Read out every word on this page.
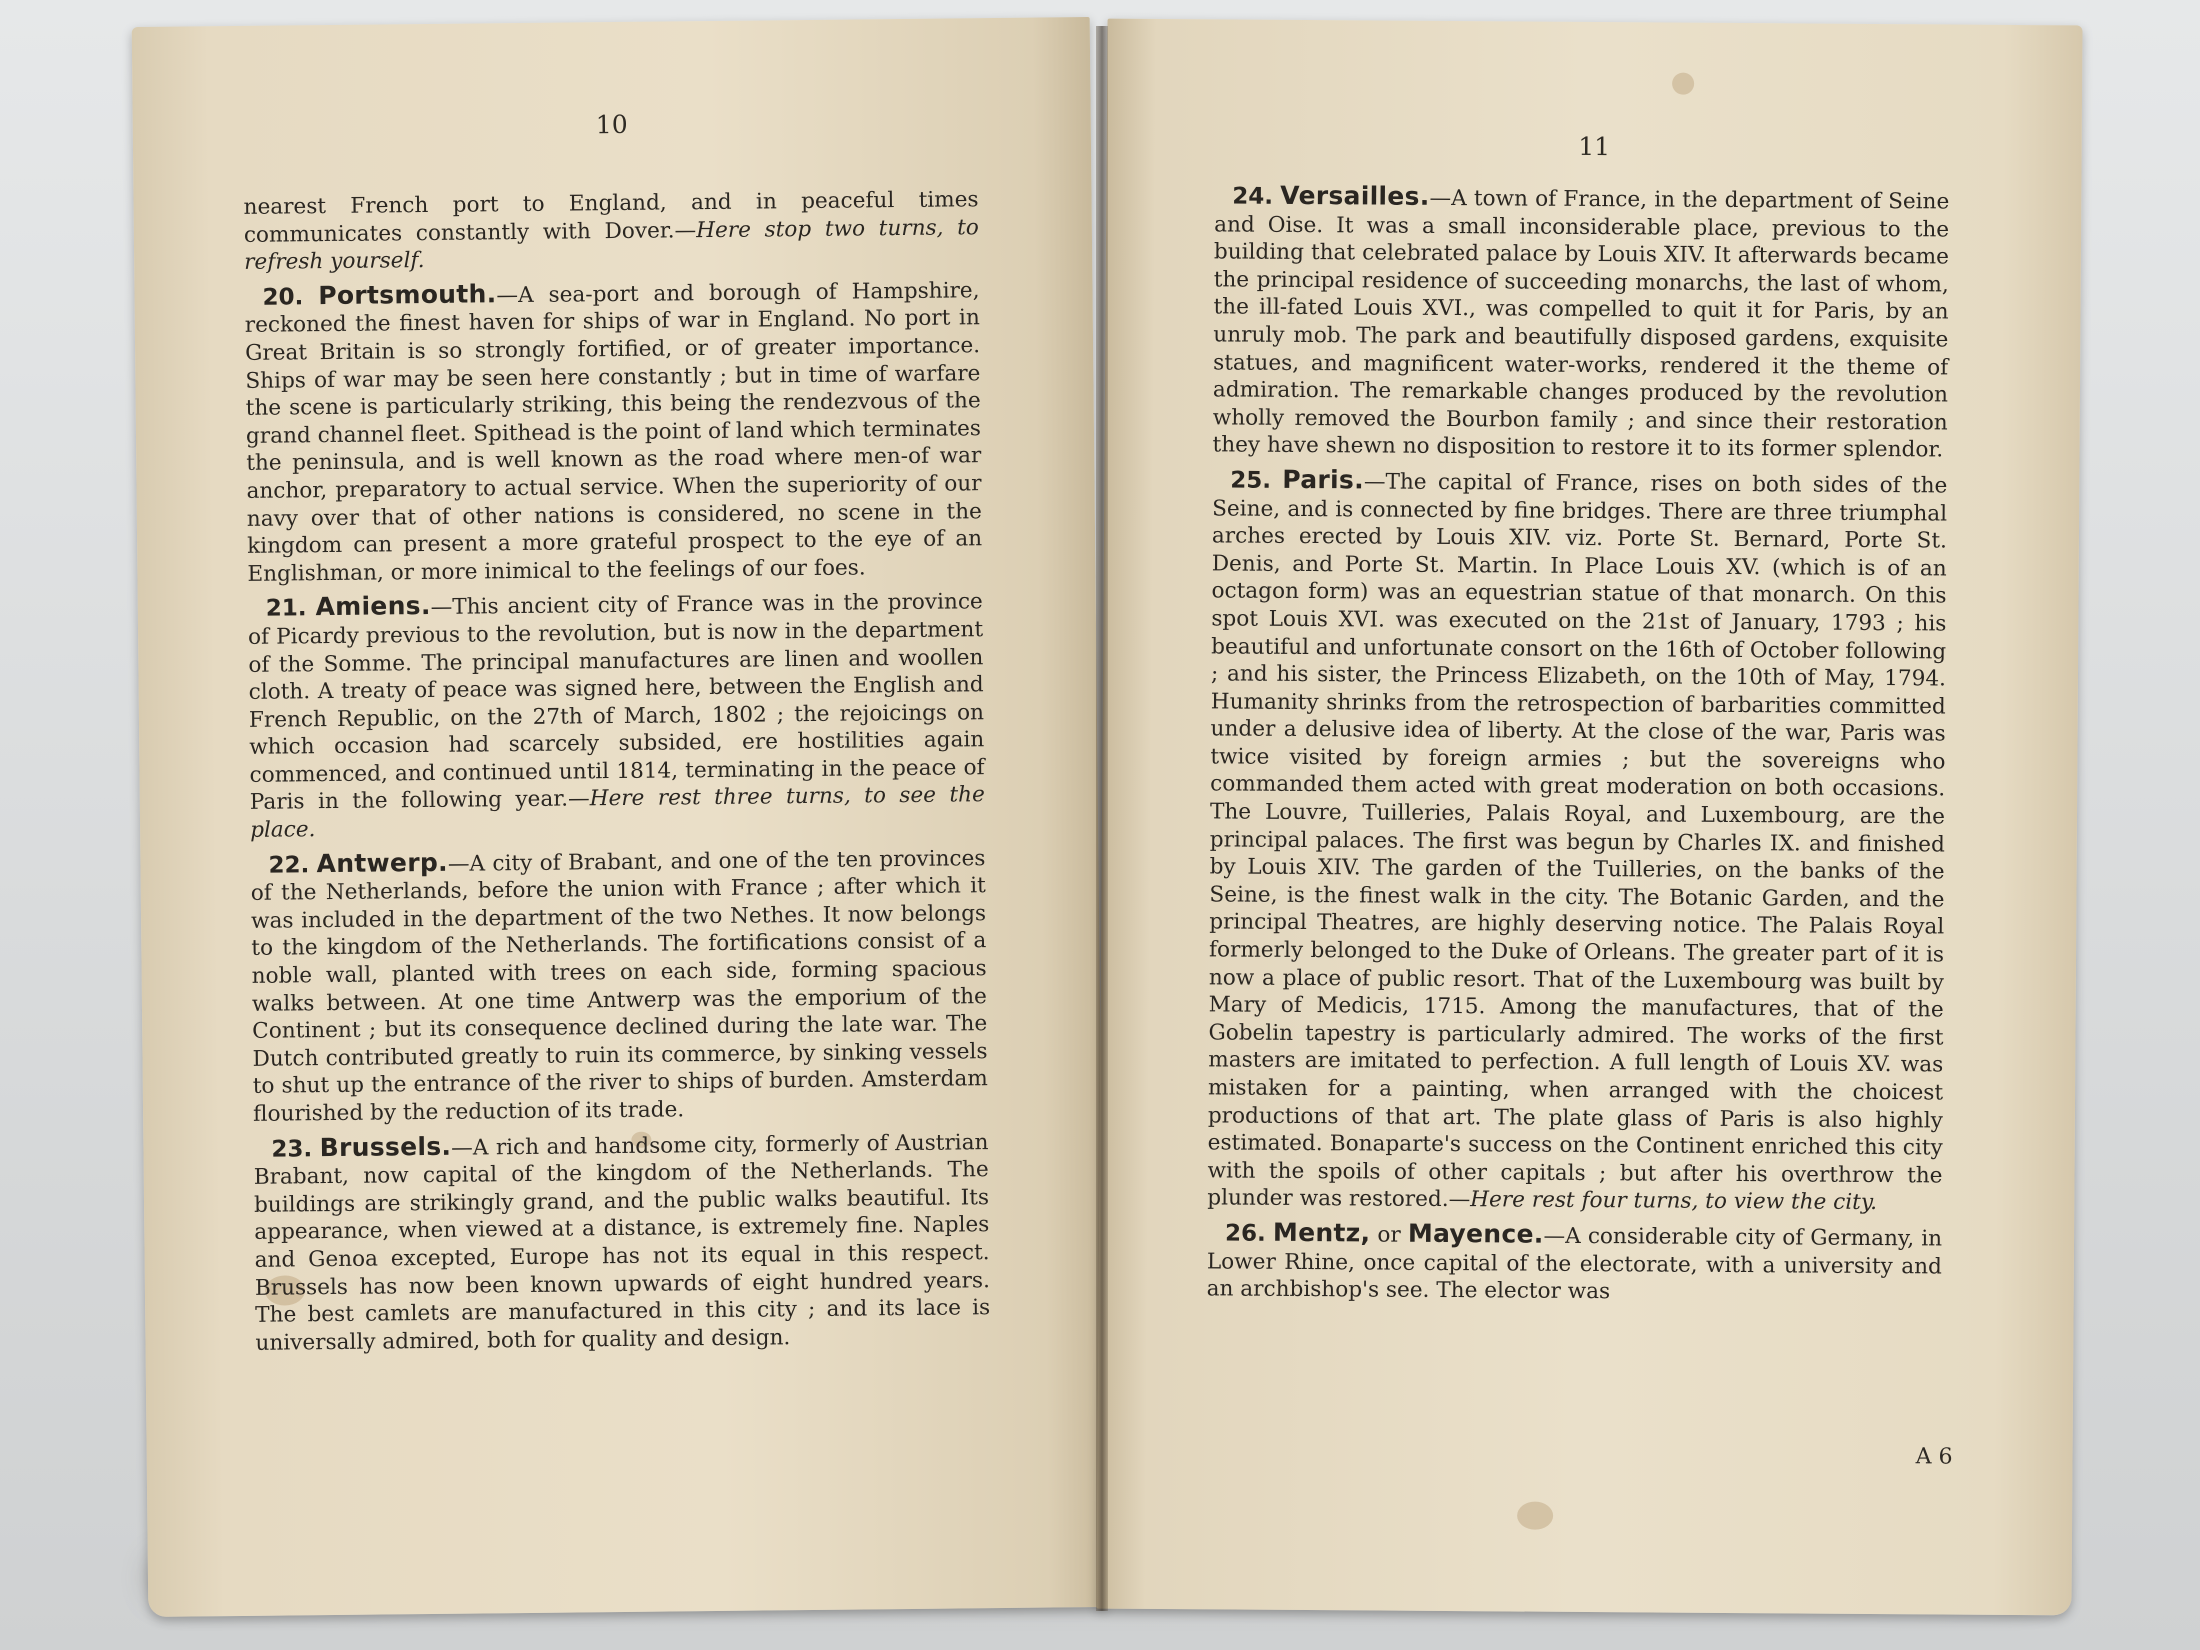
10

nearest French port to England, and in peaceful times communicates constantly with Dover.—Here stop two turns, to refresh yourself.

20. Portsmouth.—A sea-port and borough of Hampshire, reckoned the finest haven for ships of war in England. No port in Great Britain is so strongly fortified, or of greater importance. Ships of war may be seen here constantly ; but in time of warfare the scene is particularly striking, this being the rendezvous of the grand channel fleet. Spithead is the point of land which terminates the peninsula, and is well known as the road where men-of war anchor, preparatory to actual service. When the superiority of our navy over that of other nations is considered, no scene in the kingdom can present a more grateful prospect to the eye of an Englishman, or more inimical to the feelings of our foes.

21. Amiens.—This ancient city of France was in the province of Picardy previous to the revolution, but is now in the department of the Somme. The principal manufactures are linen and woollen cloth. A treaty of peace was signed here, between the English and French Republic, on the 27th of March, 1802 ; the rejoicings on which occasion had scarcely subsided, ere hostilities again commenced, and continued until 1814, terminating in the peace of Paris in the following year.—Here rest three turns, to see the place.

22. Antwerp.—A city of Brabant, and one of the ten provinces of the Netherlands, before the union with France ; after which it was included in the department of the two Nethes. It now belongs to the kingdom of the Netherlands. The fortifications consist of a noble wall, planted with trees on each side, forming spacious walks between. At one time Antwerp was the emporium of the Continent ; but its consequence declined during the late war. The Dutch contributed greatly to ruin its commerce, by sinking vessels to shut up the entrance of the river to ships of burden. Amsterdam flourished by the reduction of its trade.

23. Brussels.—A rich and handsome city, formerly of Austrian Brabant, now capital of the kingdom of the Netherlands. The buildings are strikingly grand, and the public walks beautiful. Its appearance, when viewed at a distance, is extremely fine. Naples and Genoa excepted, Europe has not its equal in this respect. Brussels has now been known upwards of eight hundred years. The best camlets are manufactured in this city ; and its lace is universally admired, both for quality and design.

11

24. Versailles.—A town of France, in the department of Seine and Oise. It was a small inconsiderable place, previous to the building that celebrated palace by Louis XIV. It afterwards became the principal residence of succeeding monarchs, the last of whom, the ill-fated Louis XVI., was compelled to quit it for Paris, by an unruly mob. The park and beautifully disposed gardens, exquisite statues, and magnificent water-works, rendered it the theme of admiration. The remarkable changes produced by the revolution wholly removed the Bourbon family ; and since their restoration they have shewn no disposition to restore it to its former splendor.

25. Paris.—The capital of France, rises on both sides of the Seine, and is connected by fine bridges. There are three triumphal arches erected by Louis XIV. viz. Porte St. Bernard, Porte St. Denis, and Porte St. Martin. In Place Louis XV. (which is of an octagon form) was an equestrian statue of that monarch. On this spot Louis XVI. was executed on the 21st of January, 1793 ; his beautiful and unfortunate consort on the 16th of October following ; and his sister, the Princess Elizabeth, on the 10th of May, 1794. Humanity shrinks from the retrospection of barbarities committed under a delusive idea of liberty. At the close of the war, Paris was twice visited by foreign armies ; but the sovereigns who commanded them acted with great moderation on both occasions. The Louvre, Tuilleries, Palais Royal, and Luxembourg, are the principal palaces. The first was begun by Charles IX. and finished by Louis XIV. The garden of the Tuilleries, on the banks of the Seine, is the finest walk in the city. The Botanic Garden, and the principal Theatres, are highly deserving notice. The Palais Royal formerly belonged to the Duke of Orleans. The greater part of it is now a place of public resort. That of the Luxembourg was built by Mary of Medicis, 1715. Among the manufactures, that of the Gobelin tapestry is particularly admired. The works of the first masters are imitated to perfection. A full length of Louis XV. was mistaken for a painting, when arranged with the choicest productions of that art. The plate glass of Paris is also highly estimated. Bonaparte's success on the Continent enriched this city with the spoils of other capitals ; but after his overthrow the plunder was restored.—Here rest four turns, to view the city.

26. Mentz, or Mayence.—A considerable city of Germany, in Lower Rhine, once capital of the electorate, with a university and an archbishop's see. The elector was

A 6
